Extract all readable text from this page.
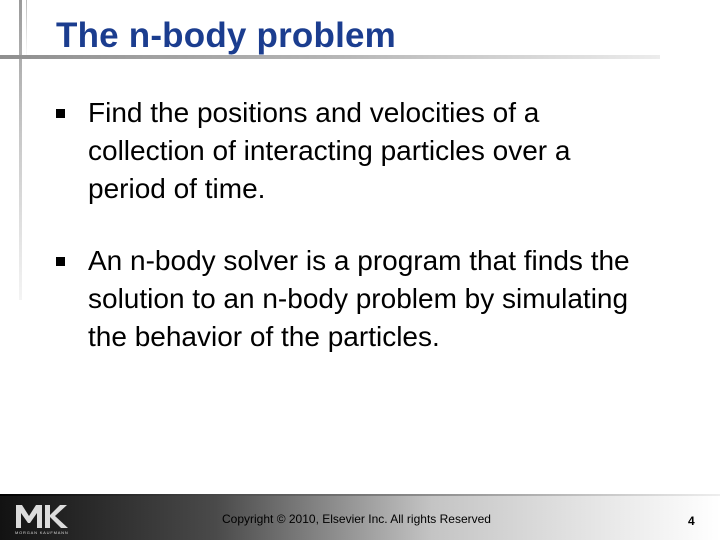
The n-body problem
Find the positions and velocities of a collection of interacting particles over a period of time.
An n-body solver is a program that finds the solution to an n-body problem by simulating the behavior of the particles.
MORGAN KAUFMANN
Copyright © 2010, Elsevier Inc. All rights Reserved	4
